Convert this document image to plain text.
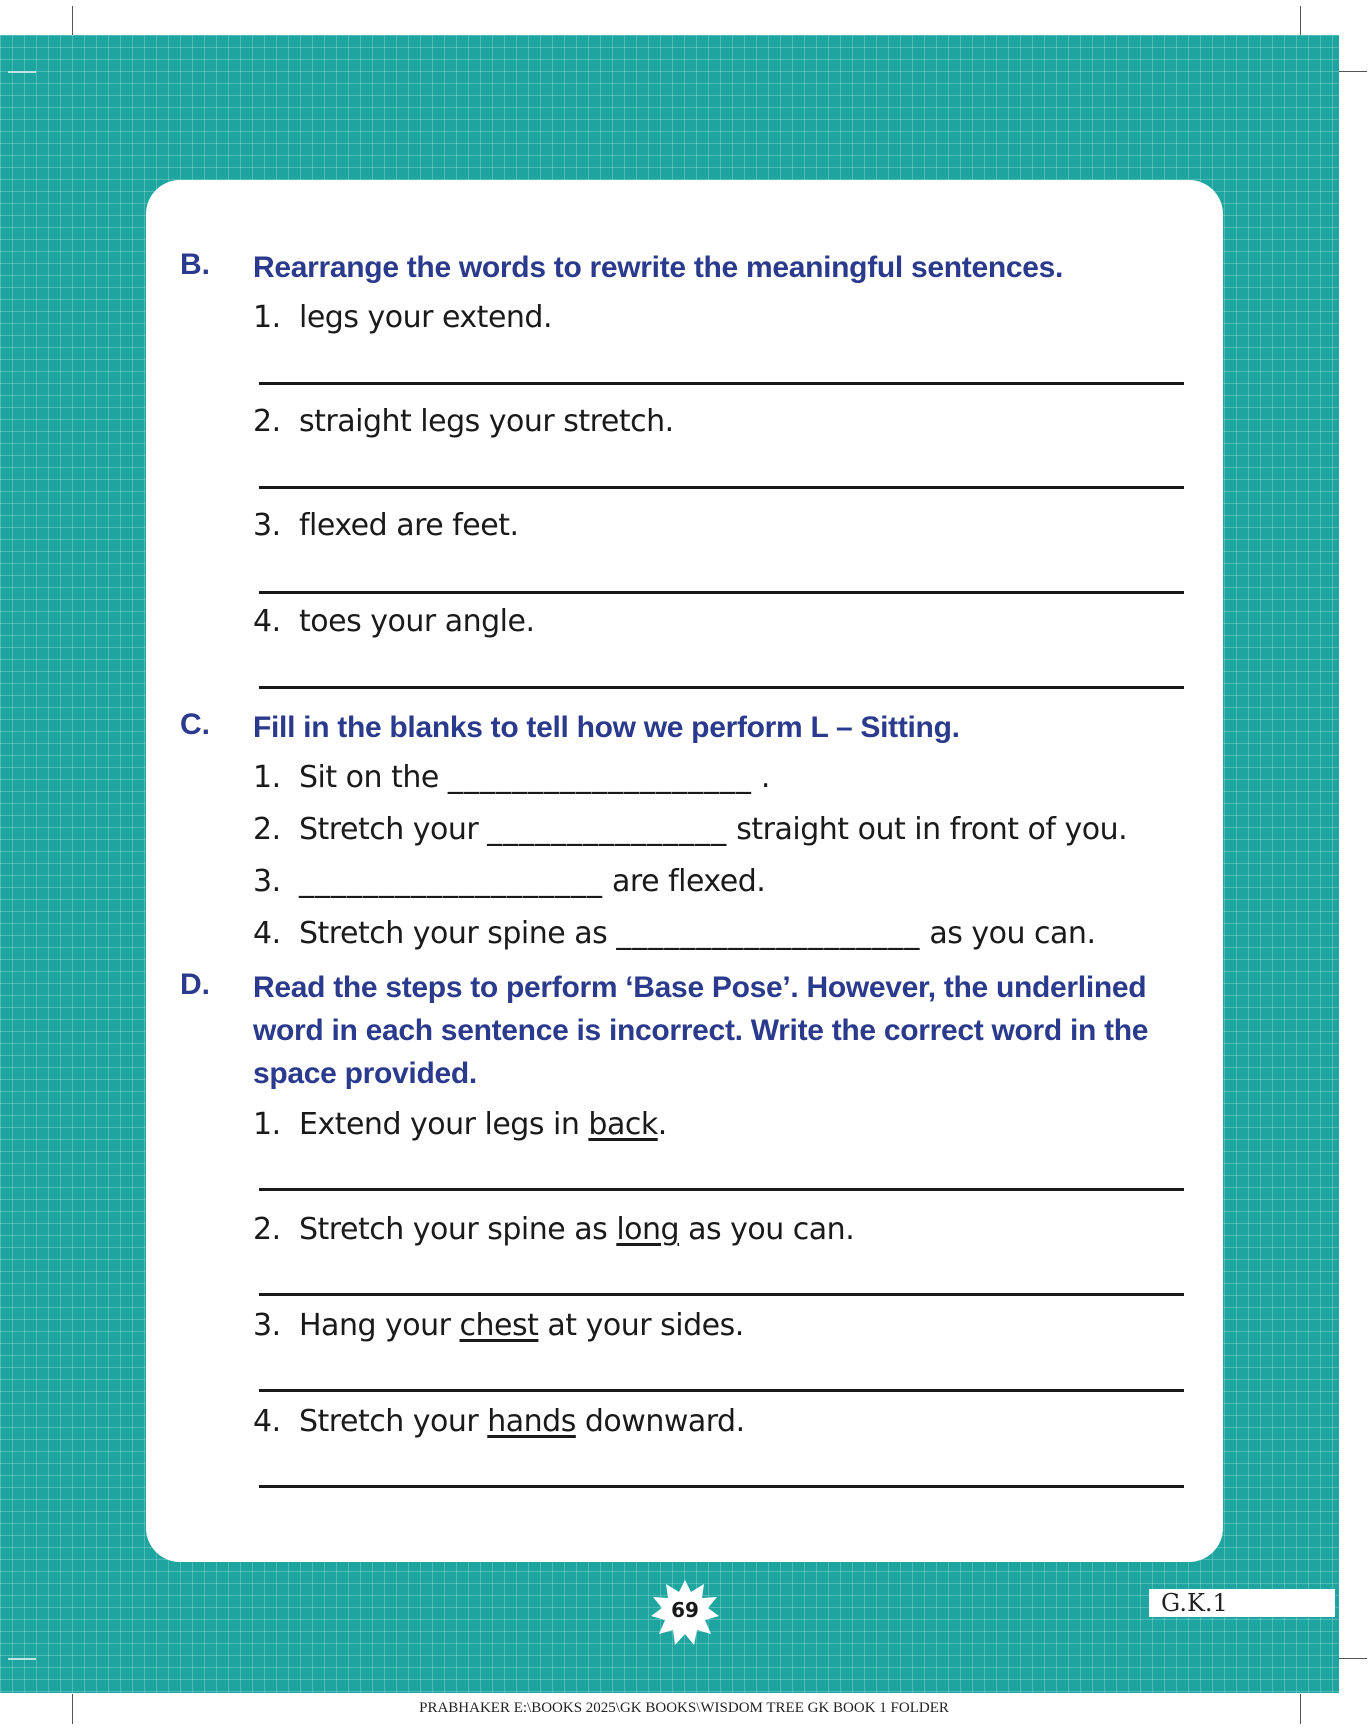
B. Rearrange the words to rewrite the meaningful sentences.
1. legs your extend.
2. straight legs your stretch.
3. flexed are feet.
4. toes your angle.
C. Fill in the blanks to tell how we perform L – Sitting.
1. Sit on the ___________________ .
2. Stretch your _______________ straight out in front of you.
3. ___________________ are flexed.
4. Stretch your spine as ___________________ as you can.
D. Read the steps to perform ‘Base Pose’. However, the underlined word in each sentence is incorrect. Write the correct word in the space provided.
1. Extend your legs in back.
2. Stretch your spine as long as you can.
3. Hang your chest at your sides.
4. Stretch your hands downward.
69	G.K.1
PRABHAKER E:\BOOKS 2025\GK BOOKS\WISDOM TREE GK BOOK 1 FOLDER
